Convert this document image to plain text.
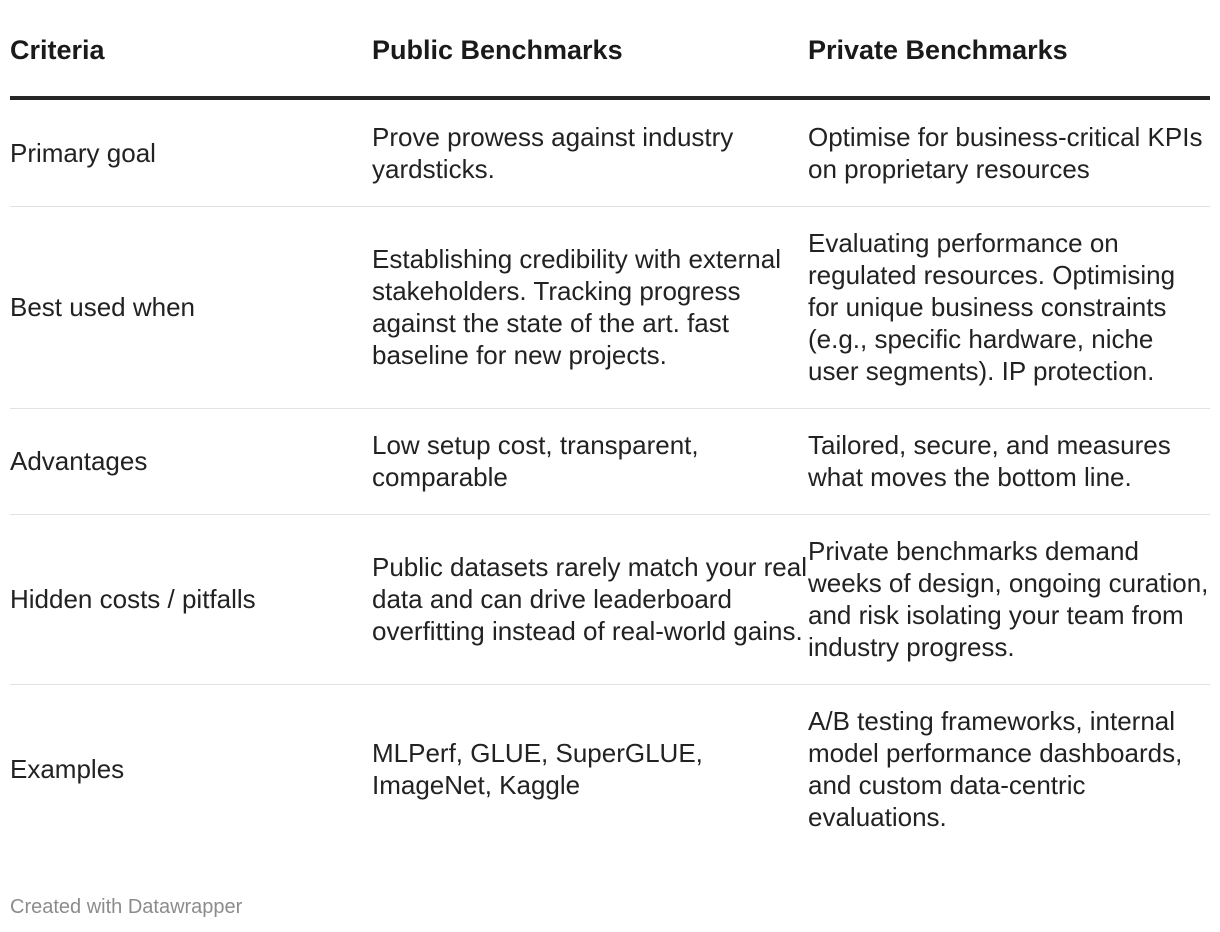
Criteria	Public Benchmarks	Private Benchmarks
Primary goal	Prove prowess against industry yardsticks.	Optimise for business-critical KPIs on proprietary resources
Best used when	Establishing credibility with external stakeholders. Tracking progress against the state of the art. fast baseline for new projects.	Evaluating performance on regulated resources. Optimising for unique business constraints (e.g., specific hardware, niche user segments). IP protection.
Advantages	Low setup cost, transparent, comparable	Tailored, secure, and measures what moves the bottom line.
Hidden costs / pitfalls	Public datasets rarely match your real data and can drive leaderboard overfitting instead of real-world gains.	Private benchmarks demand weeks of design, ongoing curation, and risk isolating your team from industry progress.
Examples	MLPerf, GLUE, SuperGLUE, ImageNet, Kaggle	A/B testing frameworks, internal model performance dashboards, and custom data-centric evaluations.
Created with Datawrapper
